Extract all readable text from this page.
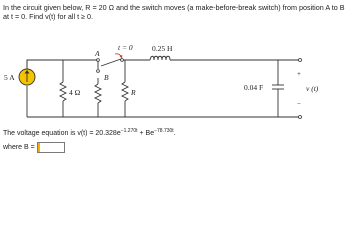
In the circuit given below, R = 20 Ω and the switch moves (a make-before-break switch) from position A to B at t = 0. Find v(t) for all t ≥ 0.

5 A
4 Ω
t = 0
A
B
0.25 H
R
0.04 F
+
v (t)
−
The voltage equation is $v(t) = 20.328e^{-1.270t} + Be^{-78.730t}$.
where B =
